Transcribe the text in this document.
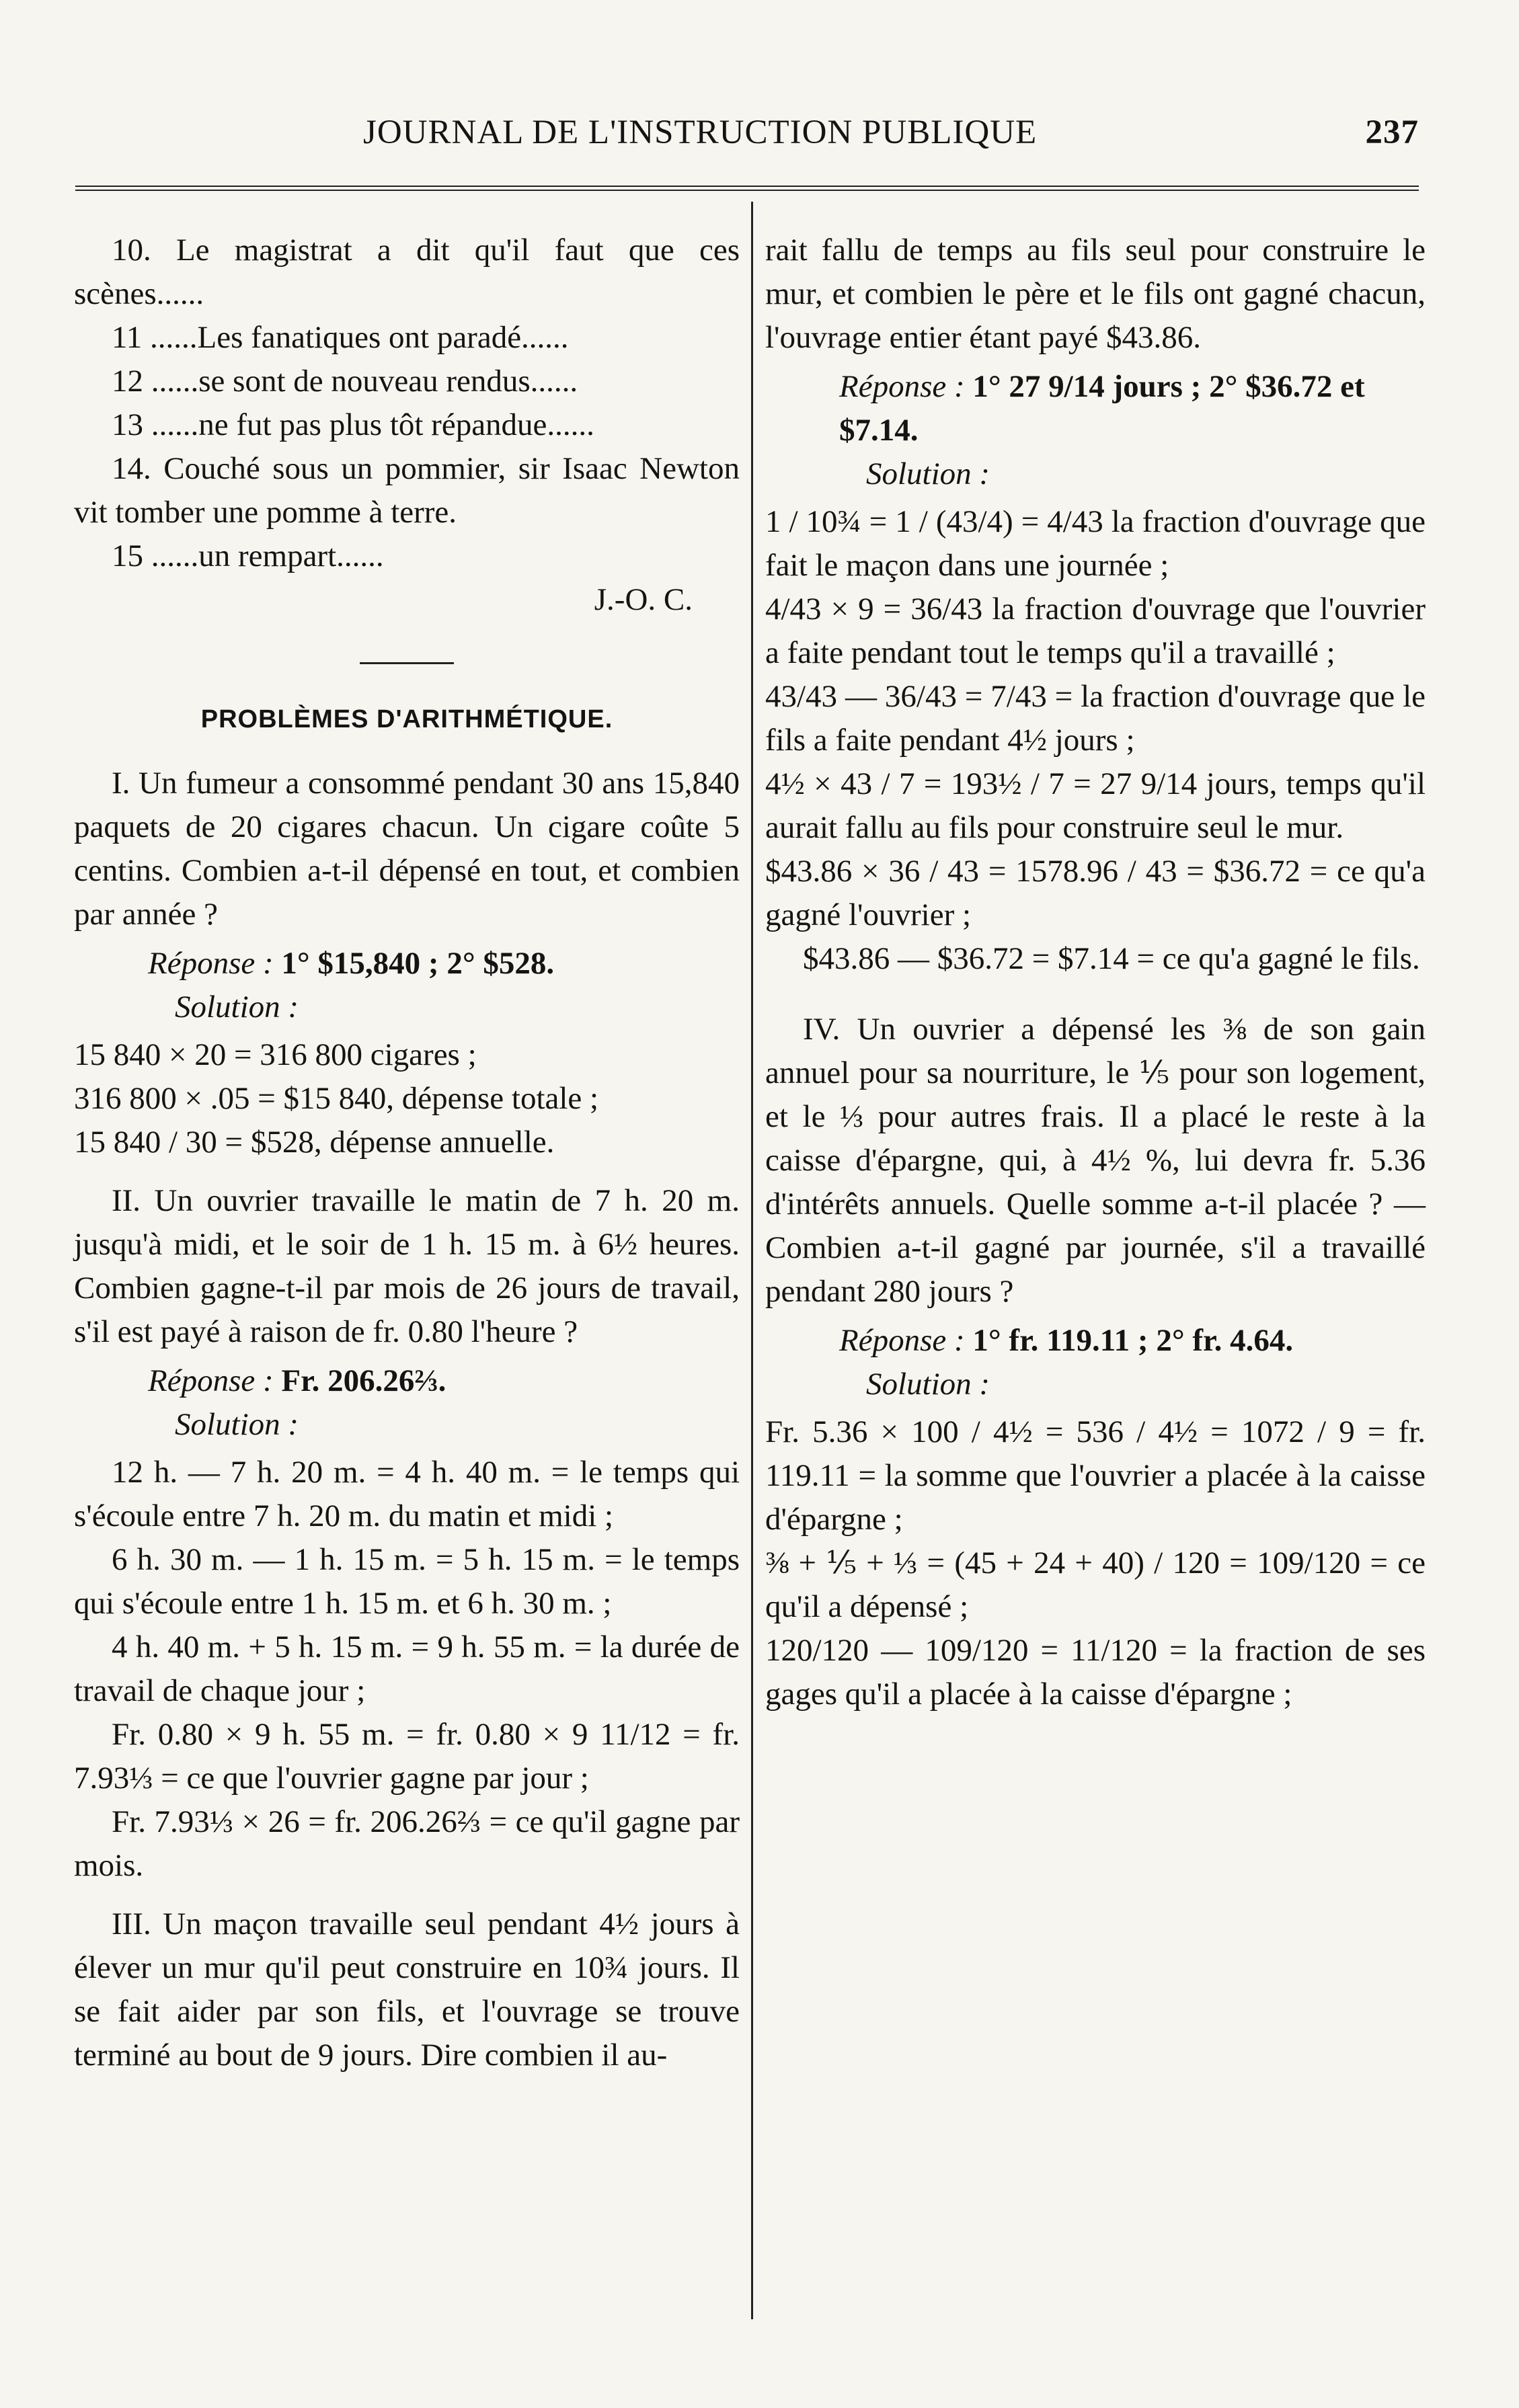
JOURNAL DE L'INSTRUCTION PUBLIQUE	237

10. Le magistrat a dit qu'il faut que ces scènes......

11 ......Les fanatiques ont paradé......

12 ......se sont de nouveau rendus......

13 ......ne fut pas plus tôt répandue......

14. Couché sous un pommier, sir Isaac Newton vit tomber une pomme à terre.

15 ......un rempart......

J.-O. C.

PROBLÈMES D'ARITHMÉTIQUE.

I. Un fumeur a consommé pendant 30 ans 15,840 paquets de 20 cigares chacun. Un cigare coûte 5 centins. Combien a-t-il dépensé en tout, et combien par année ?

Réponse : 1° $15,840 ; 2° $528.

Solution :

15 840 × 20 = 316 800 cigares ;

316 800 × .05 = $15 840, dépense totale ;

15 840 / 30 = $528, dépense annuelle.

II. Un ouvrier travaille le matin de 7 h. 20 m. jusqu'à midi, et le soir de 1 h. 15 m. à 6½ heures. Combien gagne-t-il par mois de 26 jours de travail, s'il est payé à raison de fr. 0.80 l'heure ?

Réponse : Fr. 206.26⅔.

Solution :

12 h. — 7 h. 20 m. = 4 h. 40 m. = le temps qui s'écoule entre 7 h. 20 m. du matin et midi ;

6 h. 30 m. — 1 h. 15 m. = 5 h. 15 m. = le temps qui s'écoule entre 1 h. 15 m. et 6 h. 30 m. ;

4 h. 40 m. + 5 h. 15 m. = 9 h. 55 m. = la durée de travail de chaque jour ;

Fr. 0.80 × 9 h. 55 m. = fr. 0.80 × 9 11/12 = fr. 7.93⅓ = ce que l'ouvrier gagne par jour ;

Fr. 7.93⅓ × 26 = fr. 206.26⅔ = ce qu'il gagne par mois.

III. Un maçon travaille seul pendant 4½ jours à élever un mur qu'il peut construire en 10¾ jours. Il se fait aider par son fils, et l'ouvrage se trouve terminé au bout de 9 jours. Dire combien il au-

rait fallu de temps au fils seul pour construire le mur, et combien le père et le fils ont gagné chacun, l'ouvrage entier étant payé $43.86.

Réponse : 1° 27 9/14 jours ; 2° $36.72 et $7.14.

Solution :

1 / 10¾ = 1 / (43/4) = 4/43 la fraction d'ouvrage que fait le maçon dans une journée ;

4/43 × 9 = 36/43 la fraction d'ouvrage que l'ouvrier a faite pendant tout le temps qu'il a travaillé ;

43/43 — 36/43 = 7/43 = la fraction d'ouvrage que le fils a faite pendant 4½ jours ;

4½ × 43 / 7 = 193½ / 7 = 27 9/14 jours, temps qu'il aurait fallu au fils pour construire seul le mur.

$43.86 × 36 / 43 = 1578.96 / 43 = $36.72 = ce qu'a gagné l'ouvrier ;

$43.86 — $36.72 = $7.14 = ce qu'a gagné le fils.

IV. Un ouvrier a dépensé les ⅜ de son gain annuel pour sa nourriture, le ⅕ pour son logement, et le ⅓ pour autres frais. Il a placé le reste à la caisse d'épargne, qui, à 4½ %, lui devra fr. 5.36 d'intérêts annuels. Quelle somme a-t-il placée ? — Combien a-t-il gagné par journée, s'il a travaillé pendant 280 jours ?

Réponse : 1° fr. 119.11 ; 2° fr. 4.64.

Solution :

Fr. 5.36 × 100 / 4½ = 536 / 4½ = 1072 / 9 = fr. 119.11 = la somme que l'ouvrier a placée à la caisse d'épargne ;

⅜ + ⅕ + ⅓ = (45 + 24 + 40) / 120 = 109/120 = ce qu'il a dépensé ;

120/120 — 109/120 = 11/120 = la fraction de ses gages qu'il a placée à la caisse d'épargne ;
